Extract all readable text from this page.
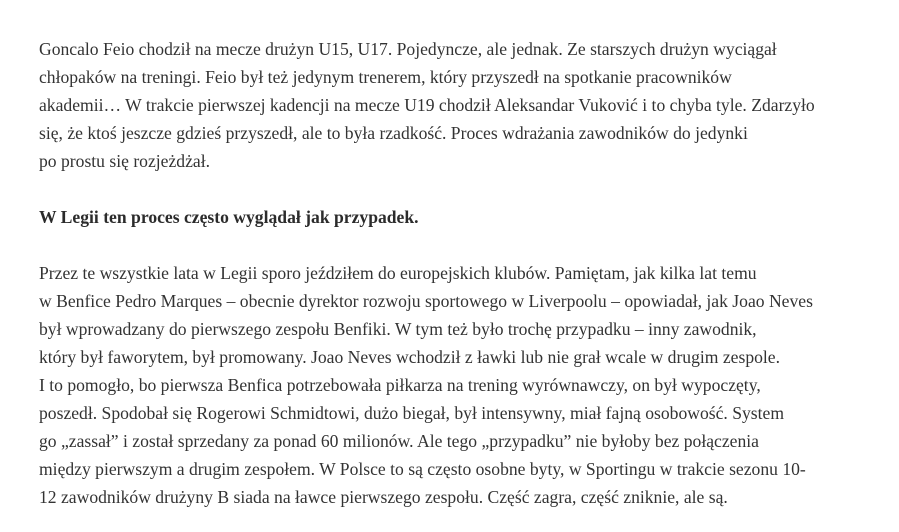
Goncalo Feio chodził na mecze drużyn U15, U17. Pojedyncze, ale jednak. Ze starszych drużyn wyciągał
chłopaków na treningi. Feio był też jedynym trenerem, który przyszedł na spotkanie pracowników
akademii… W trakcie pierwszej kadencji na mecze U19 chodził Aleksandar Vuković i to chyba tyle. Zdarzyło
się, że ktoś jeszcze gdzieś przyszedł, ale to była rzadkość. Proces wdrażania zawodników do jedynki
po prostu się rozjeżdżał.

W Legii ten proces często wyglądał jak przypadek.

Przez te wszystkie lata w Legii sporo jeździłem do europejskich klubów. Pamiętam, jak kilka lat temu
w Benfice Pedro Marques – obecnie dyrektor rozwoju sportowego w Liverpoolu – opowiadał, jak Joao Neves
był wprowadzany do pierwszego zespołu Benfiki. W tym też było trochę przypadku – inny zawodnik,
który był faworytem, był promowany. Joao Neves wchodził z ławki lub nie grał wcale w drugim zespole.
I to pomogło, bo pierwsza Benfica potrzebowała piłkarza na trening wyrównawczy, on był wypoczęty,
poszedł. Spodobał się Rogerowi Schmidtowi, dużo biegał, był intensywny, miał fajną osobowość. System
go „zassał” i został sprzedany za ponad 60 milionów. Ale tego „przypadku” nie byłoby bez połączenia
między pierwszym a drugim zespołem. W Polsce to są często osobne byty, w Sportingu w trakcie sezonu 10-
12 zawodników drużyny B siada na ławce pierwszego zespołu. Część zagra, część zniknie, ale są.
